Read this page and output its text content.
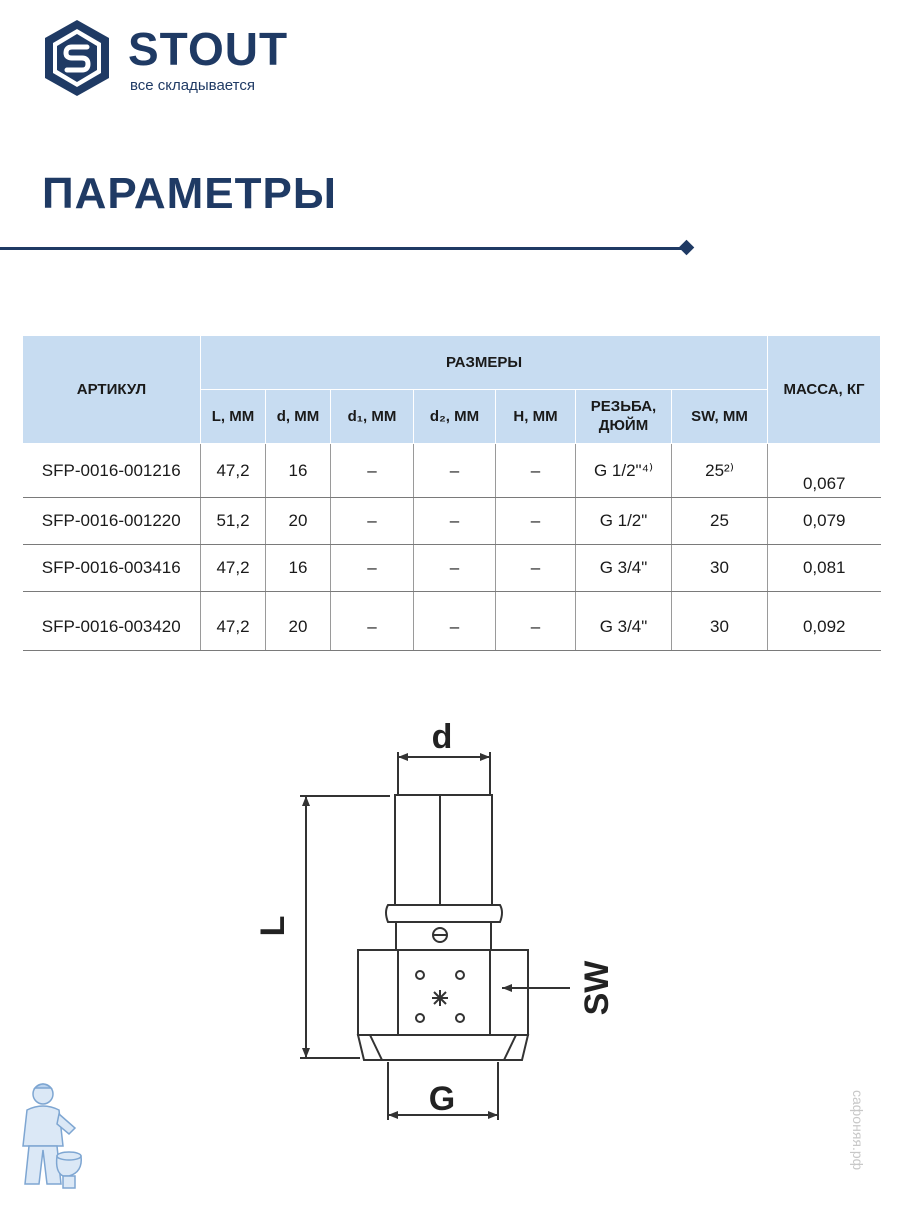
STOUT
все складывается
ПАРАМЕТРЫ
АРТИКУЛ	РАЗМЕРЫ							МАССА, КГ
	L, ММ	d, ММ	d₁, ММ	d₂, ММ	H, ММ	РЕЗЬБА, ДЮЙМ	SW, ММ	
SFP-0016-001216	47,2	16	–	–	–	G 1/2"⁴⁾	25²⁾	0,067
SFP-0016-001220	51,2	20	–	–	–	G 1/2"	25	0,079
SFP-0016-003416	47,2	16	–	–	–	G 3/4"	30	0,081
SFP-0016-003420	47,2	20	–	–	–	G 3/4"	30	0,092
d
L
SW
G	сафоняя.рф
